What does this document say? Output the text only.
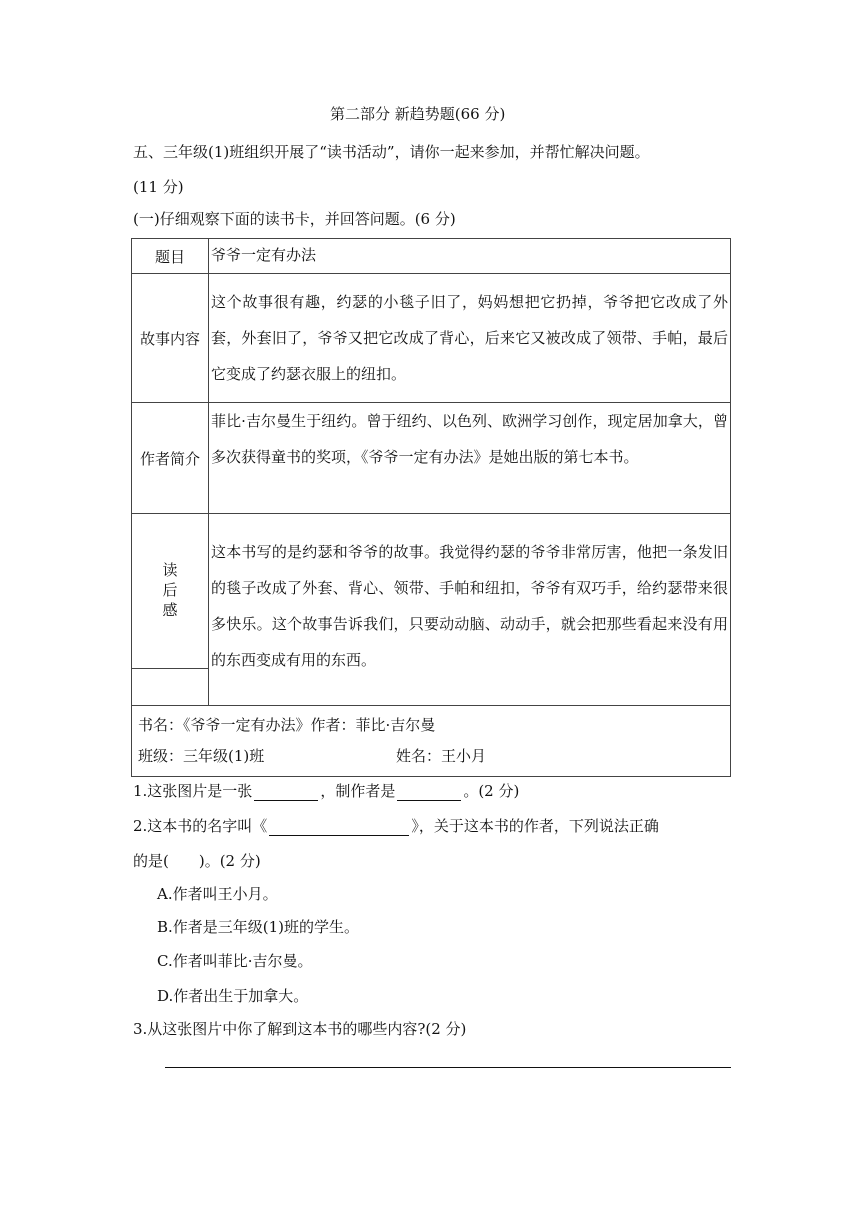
第二部分 新趋势题(66 分)
五、三年级(1)班组织开展了“读书活动”，请你一起来参加，并帮忙解决问题。
(11 分)
(一)仔细观察下面的读书卡，并回答问题。(6 分)
题目	爷爷一定有办法
故事内容	这个故事很有趣，约瑟的小毯子旧了，妈妈想把它扔掉，爷爷把它改成了外套，外套旧了，爷爷又把它改成了背心，后来它又被改成了领带、手帕，最后它变成了约瑟衣服上的纽扣。
作者简介	菲比·吉尔曼生于纽约。曾于纽约、以色列、欧洲学习创作，现定居加拿大，曾多次获得童书的奖项，《爷爷一定有办法》是她出版的第七本书。
读后感	这本书写的是约瑟和爷爷的故事。我觉得约瑟的爷爷非常厉害，他把一条发旧的毯子改成了外套、背心、领带、手帕和纽扣，爷爷有双巧手，给约瑟带来很多快乐。这个故事告诉我们，只要动动脑、动动手，就会把那些看起来没有用的东西变成有用的东西。

书名：《爷爷一定有办法》作者：菲比·吉尔曼
班级：三年级(1)班 姓名：王小月	
1.这张图片是一张	，制作者是	。(2 分)
2.这本书的名字叫《	》，关于这本书的作者，下列说法正确
的是(　　)。(2 分)
A.作者叫王小月。
B.作者是三年级(1)班的学生。
C.作者叫菲比·吉尔曼。
D.作者出生于加拿大。
3.从这张图片中你了解到这本书的哪些内容?(2 分)
